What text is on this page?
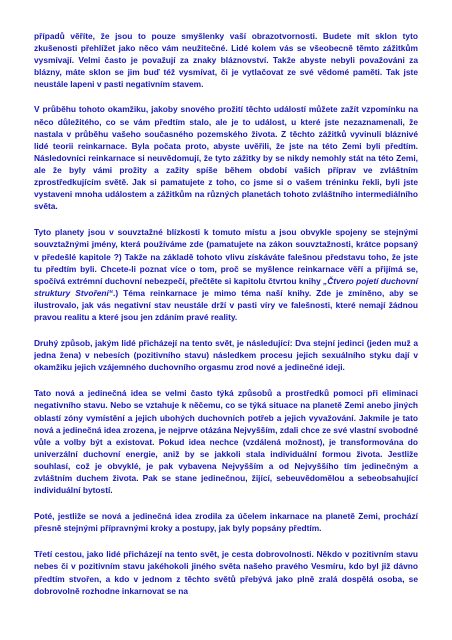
případů věříte, že jsou to pouze smyšlenky vaší obrazotvornosti. Budete mít sklon tyto zkušenosti přehlížet jako něco vám neužitečné. Lidé kolem vás se všeobecně těmto zážitkům vysmívají. Velmi často je považují za znaky bláznovství. Takže abyste nebyli považováni za blázny, máte sklon se jim buď též vysmívat, či je vytlačovat ze své vědomé paměti. Tak jste neustále lapeni v pasti negativním stavem.

V průběhu tohoto okamžiku, jakoby snového prožití těchto událostí můžete zažít vzpomínku na něco důležitého, co se vám předtím stalo, ale je to událost, u které jste nezaznamenali, že nastala v průběhu vašeho současného pozemského života. Z těchto zážitků vyvinuli bláznivé lidé teorii reinkarnace. Byla počata proto, abyste uvěřili, že jste na této Zemi byli předtím. Následovníci reinkarnace si neuvědomují, že tyto zážitky by se nikdy nemohly stát na této Zemi, ale že byly vámi prožity a zažity spíše během období vašich příprav ve zvláštním zprostředkujícím světě. Jak si pamatujete z toho, co jsme si o vašem tréninku řekli, byli jste vystaveni mnoha událostem a zážitkům na různých planetách tohoto zvláštního intermediálního světa.

Tyto planety jsou v souvztažné blízkosti k tomuto místu a jsou obvykle spojeny se stejnými souvztažnými jmény, která používáme zde (pamatujete na zákon souvztažnosti, krátce popsaný v předešlé kapitole ?) Takže na základě tohoto vlivu získáváte falešnou představu toho, že jste tu předtím byli. Chcete-li poznat více o tom, proč se myšlence reinkarnace věří a přijímá se, spočívá extrémní duchovní nebezpečí, přečtěte si kapitolu čtvrtou knihy „Čtvero pojetí duchovní struktury Stvoření“.) Téma reinkarnace je mimo téma naší knihy. Zde je zmíněno, aby se ilustrovalo, jak vás negativní stav neustále drží v pasti víry ve falešnosti, které nemají žádnou pravou realitu a které jsou jen zdáním pravé reality.

Druhý způsob, jakým lidé přicházejí na tento svět, je následující: Dva stejní jedinci (jeden muž a jedna žena) v nebesích (pozitivního stavu) následkem procesu jejich sexuálního styku dají v okamžiku jejich vzájemného duchovního orgasmu zrod nové a jedinečné ideji.

Tato nová a jedinečná idea se velmi často týká způsobů a prostředků pomoci při eliminaci negativního stavu. Nebo se vztahuje k něčemu, co se týká situace na planetě Zemi anebo jiných oblastí zóny vymístění a jejich ubohých duchovních potřeb a jejich vyvažování. Jakmile je tato nová a jedinečná idea zrozena, je nejprve otázána Nejvyšším, zdali chce ze své vlastní svobodné vůle a volby být a existovat. Pokud idea nechce (vzdálená možnost), je transformována do univerzální duchovní energie, aniž by se jakkoli stala individuální formou života. Jestliže souhlasí, což je obvyklé, je pak vybavena Nejvyšším a od Nejvyššího tím jedinečným a zvláštním duchem života. Pak se stane jedinečnou, žijící, sebeuvědomělou a sebeobsahující individuální bytostí.

Poté, jestliže se nová a jedinečná idea zrodila za účelem inkarnace na planetě Zemi, prochází přesně stejnými přípravnými kroky a postupy, jak byly popsány předtím.

Třetí cestou, jako lidé přicházejí na tento svět, je cesta dobrovolnosti. Někdo v pozitivním stavu nebes či v pozitivním stavu jakéhokoli jiného světa našeho pravého Vesmíru, kdo byl již dávno předtím stvořen, a kdo v jednom z těchto světů přebývá jako plně zralá dospělá osoba, se dobrovolně rozhodne inkarnovat se na
